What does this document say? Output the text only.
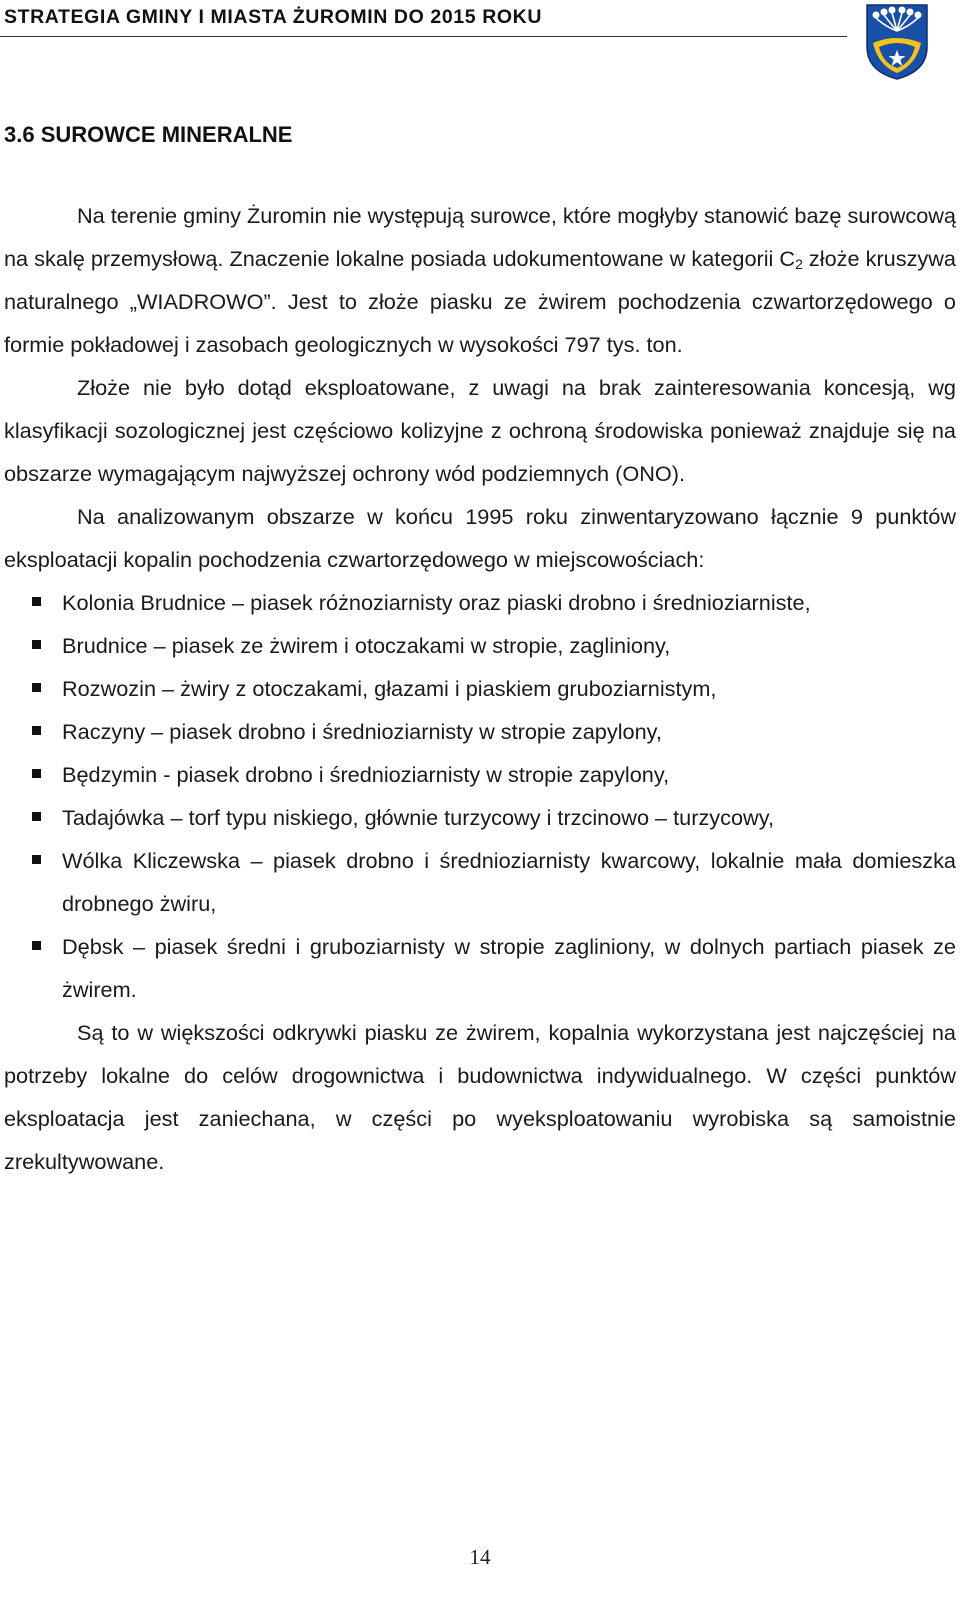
STRATEGIA GMINY I MIASTA ŻUROMIN DO 2015 ROKU
3.6 SUROWCE MINERALNE

Na terenie gminy Żuromin nie występują surowce, które mogłyby stanowić bazę surowcową na skalę przemysłową. Znaczenie lokalne posiada udokumentowane w kategorii $C_2$ złoże kruszywa naturalnego „WIADROWO”. Jest to złoże piasku ze żwirem pochodzenia czwartorzędowego o formie pokładowej i zasobach geologicznych w wysokości 797 tys. ton.

Złoże nie było dotąd eksploatowane, z uwagi na brak zainteresowania koncesją, wg klasyfikacji sozologicznej jest częściowo kolizyjne z ochroną środowiska ponieważ znajduje się na obszarze wymagającym najwyższej ochrony wód podziemnych (ONO).

Na analizowanym obszarze w końcu 1995 roku zinwentaryzowano łącznie 9 punktów eksploatacji kopalin pochodzenia czwartorzędowego w miejscowościach:

Kolonia Brudnice – piasek różnoziarnisty oraz piaski drobno i średnioziarniste,
Brudnice – piasek ze żwirem i otoczakami w stropie, zagliniony,
Rozwozin – żwiry z otoczakami, głazami i piaskiem gruboziarnistym,
Raczyny – piasek drobno i średnioziarnisty w stropie zapylony,
Będzymin - piasek drobno i średnioziarnisty w stropie zapylony,
Tadajówka – torf typu niskiego, głównie turzycowy i trzcinowo – turzycowy,
Wólka Kliczewska – piasek drobno i średnioziarnisty kwarcowy, lokalnie mała domieszka drobnego żwiru,
Dębsk – piasek średni i gruboziarnisty w stropie zagliniony, w dolnych partiach piasek ze żwirem.

Są to w większości odkrywki piasku ze żwirem, kopalnia wykorzystana jest najczęściej na potrzeby lokalne do celów drogownictwa i budownictwa indywidualnego. W części punktów eksploatacja jest zaniechana, w części po wyeksploatowaniu wyrobiska są samoistnie zrekultywowane.

14
